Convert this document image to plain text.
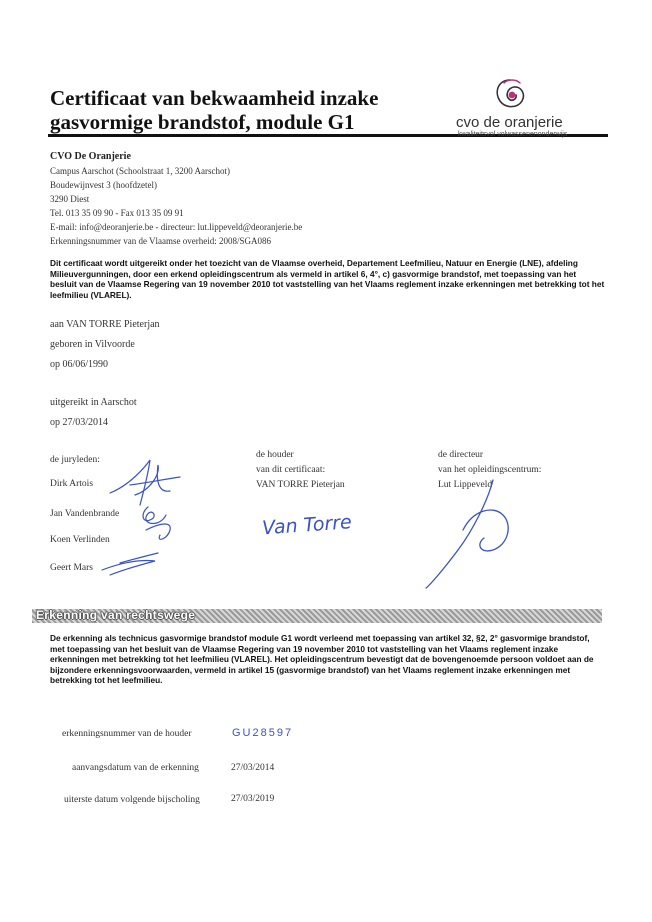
Certificaat van bekwaamheid inzake
gasvormige brandstof, module G1	cvo de oranjerie
kwaliteitsvol volwassenenonderwijs
CVO De Oranjerie
Campus Aarschot (Schoolstraat 1, 3200 Aarschot)
Boudewijnvest 3 (hoofdzetel)
3290 Diest
Tel. 013 35 09 90 - Fax 013 35 09 91
E-mail: info@deoranjerie.be - directeur: lut.lippeveld@deoranjerie.be
Erkenningsnummer van de Vlaamse overheid: 2008/SGA086
Dit certificaat wordt uitgereikt onder het toezicht van de Vlaamse overheid, Departement Leefmilieu, Natuur en Energie (LNE), afdeling Milieuvergunningen, door een erkend opleidingscentrum als vermeld in artikel 6, 4°, c) gasvormige brandstof, met toepassing van het besluit van de Vlaamse Regering van 19 november 2010 tot vaststelling van het Vlaams reglement inzake erkenningen met betrekking tot het leefmilieu (VLAREL).
aan VAN TORRE Pieterjan
geboren in Vilvoorde
op 06/06/1990
uitgereikt in Aarschot
op 27/03/2014
de juryleden:
Dirk Artois
Jan Vandenbrande
Koen Verlinden
Geert Mars
de houder
van dit certificaat:
VAN TORRE Pieterjan
de directeur
van het opleidingscentrum:
Lut Lippeveld
Van Torre
Erkenning van rechtswege
De erkenning als technicus gasvormige brandstof module G1 wordt verleend met toepassing van artikel 32, §2, 2° gasvormige brandstof, met toepassing van het besluit van de Vlaamse Regering van 19 november 2010 tot vaststelling van het Vlaams reglement inzake erkenningen met betrekking tot het leefmilieu (VLAREL). Het opleidingscentrum bevestigt dat de bovengenoemde persoon voldoet aan de bijzondere erkenningsvoorwaarden, vermeld in artikel 15 (gasvormige brandstof) van het Vlaams reglement inzake erkenningen met betrekking tot het leefmilieu.
erkenningsnummer van de houder	GU28597
aanvangsdatum van de erkenning	27/03/2014
uiterste datum volgende bijscholing	27/03/2019
